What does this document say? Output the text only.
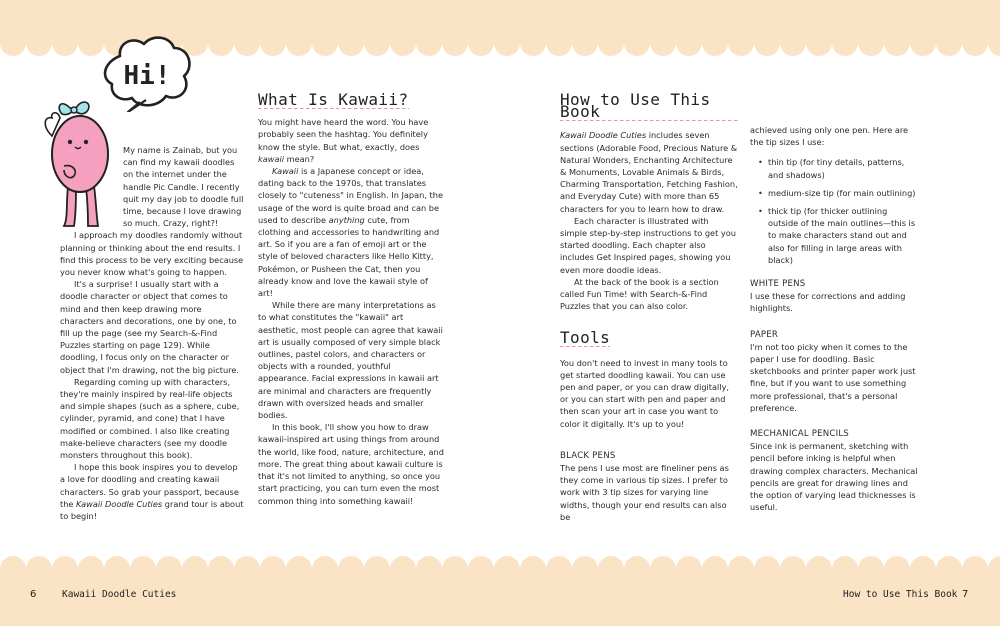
Hi!

My name is Zainab, but you can find my kawaii doodles on the internet under the handle Pic Candle. I recently quit my day job to doodle full time, because I love drawing so much. Crazy, right?!

I approach my doodles randomly without planning or thinking about the end results. I find this process to be very exciting because you never know what's going to happen.

It's a surprise! I usually start with a doodle character or object that comes to mind and then keep drawing more characters and decorations, one by one, to fill up the page (see my Search-&-Find Puzzles starting on page 129). While doodling, I focus only on the character or object that I'm drawing, not the big picture.

Regarding coming up with characters, they're mainly inspired by real-life objects and simple shapes (such as a sphere, cube, cylinder, pyramid, and cone) that I have modified or combined. I also like creating make-believe characters (see my doodle monsters throughout this book).

I hope this book inspires you to develop a love for doodling and creating kawaii characters. So grab your passport, because the Kawaii Doodle Cuties grand tour is about to begin!

What Is Kawaii?

You might have heard the word. You have probably seen the hashtag. You definitely know the style. But what, exactly, does kawaii mean?

Kawaii is a Japanese concept or idea, dating back to the 1970s, that translates closely to "cuteness" in English. In Japan, the usage of the word is quite broad and can be used to describe anything cute, from clothing and accessories to handwriting and art. So if you are a fan of emoji art or the style of beloved characters like Hello Kitty, Pokémon, or Pusheen the Cat, then you already know and love the kawaii style of art!

While there are many interpretations as to what constitutes the "kawaii" art aesthetic, most people can agree that kawaii art is usually composed of very simple black outlines, pastel colors, and characters or objects with a rounded, youthful appearance. Facial expressions in kawaii art are minimal and characters are frequently drawn with oversized heads and smaller bodies.

In this book, I'll show you how to draw kawaii-inspired art using things from around the world, like food, nature, architecture, and more. The great thing about kawaii culture is that it's not limited to anything, so once you start practicing, you can turn even the most common thing into something kawaii!

How to Use This Book

Kawaii Doodle Cuties includes seven sections (Adorable Food, Precious Nature & Natural Wonders, Enchanting Architecture & Monuments, Lovable Animals & Birds, Charming Transportation, Fetching Fashion, and Everyday Cute) with more than 65 characters for you to learn how to draw.

Each character is illustrated with simple step-by-step instructions to get you started doodling. Each chapter also includes Get Inspired pages, showing you even more doodle ideas.

At the back of the book is a section called Fun Time! with Search-&-Find Puzzles that you can also color.

Tools

You don't need to invest in many tools to get started doodling kawaii. You can use pen and paper, or you can draw digitally, or you can start with pen and paper and then scan your art in case you want to color it digitally. It's up to you!

BLACK PENS

The pens I use most are fineliner pens as they come in various tip sizes. I prefer to work with 3 tip sizes for varying line widths, though your end results can also be

achieved using only one pen. Here are the tip sizes I use:

• thin tip (for tiny details, patterns, and shadows)
• medium-size tip (for main outlining)
• thick tip (for thicker outlining outside of the main outlines—this is to make characters stand out and also for filling in large areas with black)

WHITE PENS

I use these for corrections and adding highlights.

PAPER

I'm not too picky when it comes to the paper I use for doodling. Basic sketchbooks and printer paper work just fine, but if you want to use something more professional, that's a personal preference.

MECHANICAL PENCILS

Since ink is permanent, sketching with pencil before inking is helpful when drawing complex characters. Mechanical pencils are great for drawing lines and the option of varying lead thicknesses is useful.

6	Kawaii Doodle Cuties	How to Use This Book 7
